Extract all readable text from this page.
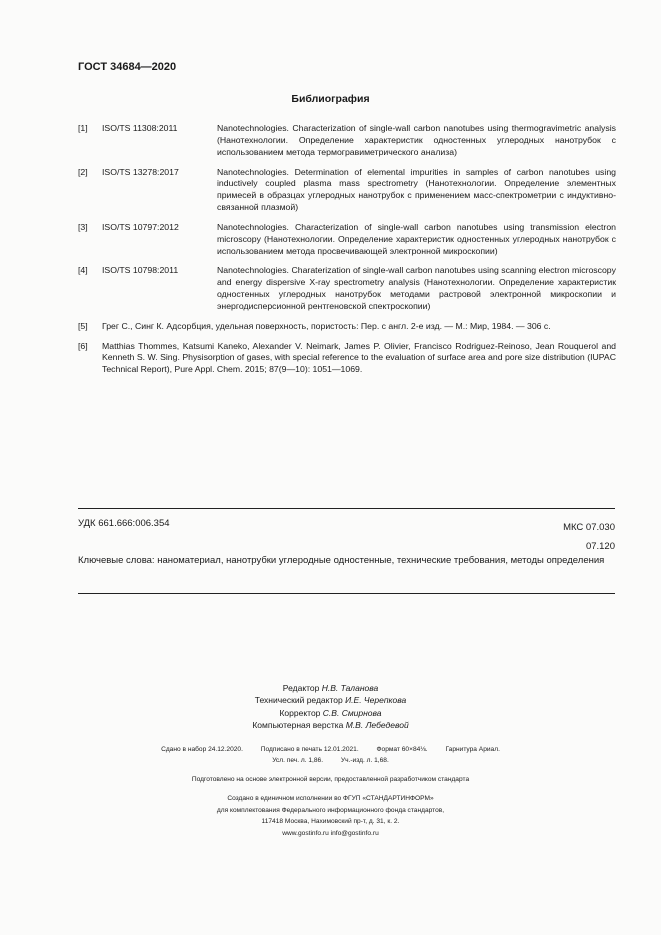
ГОСТ 34684—2020
Библиография
[1] ISO/TS 11308:2011	Nanotechnologies. Characterization of single-wall carbon nanotubes using thermogravimetric analysis (Нанотехнологии. Определение характеристик одностенных углеродных нанотрубок с использованием метода термогравиметрического анализа)
[2] ISO/TS 13278:2017	Nanotechnologies. Determination of elemental impurities in samples of carbon nanotubes using inductively coupled plasma mass spectrometry (Нанотехнологии. Определение элементных примесей в образцах углеродных нанотрубок с применением масс-спектрометрии с индуктивно-связанной плазмой)
[3] ISO/TS 10797:2012	Nanotechnologies. Characterization of single-wall carbon nanotubes using transmission electron microscopy (Нанотехнологии. Определение характеристик одностенных углеродных нанотрубок с использованием метода просвечивающей электронной микроскопии)
[4] ISO/TS 10798:2011	Nanotechnologies. Charaterization of single-wall carbon nanotubes using scanning electron microscopy and energy dispersive X-ray spectrometry analysis (Нанотехнологии. Определение характеристик одностенных углеродных нанотрубок методами растровой электронной микроскопии и энергодисперсионной рентгеновской спектроскопии)
[5] Грег С., Синг К. Адсорбция, удельная поверхность, пористость: Пер. с англ. 2-е изд. — М.: Мир, 1984. — 306 с.
[6] Matthias Thommes, Katsumi Kaneko, Alexander V. Neimark, James P. Olivier, Francisco Rodriguez-Reinoso, Jean Rouquerol and Kenneth S. W. Sing. Physisorption of gases, with special reference to the evaluation of surface area and pore size distribution (IUPAC Technical Report), Pure Appl. Chem. 2015; 87(9—10): 1051—1069.
УДК 661.666:006.354	МКС 07.030
07.120
Ключевые слова: наноматериал, нанотрубки углеродные одностенные, технические требования, методы определения
Редактор Н.В. Таланова
Технический редактор И.Е. Черепкова
Корректор С.В. Смирнова
Компьютерная верстка М.В. Лебедевой
Сдано в набор 24.12.2020.	Подписано в печать 12.01.2021.	Формат 60×84⅛.	Гарнитура Ариал.
Усл. печ. л. 1,86.	Уч.-изд. л. 1,68.
Подготовлено на основе электронной версии, предоставленной разработчиком стандарта
Создано в единичном исполнении во ФГУП «СТАНДАРТИНФОРМ»
для комплектования Федерального информационного фонда стандартов,
117418 Москва, Нахимовский пр-т, д. 31, к. 2.
www.gostinfo.ru info@gostinfo.ru
